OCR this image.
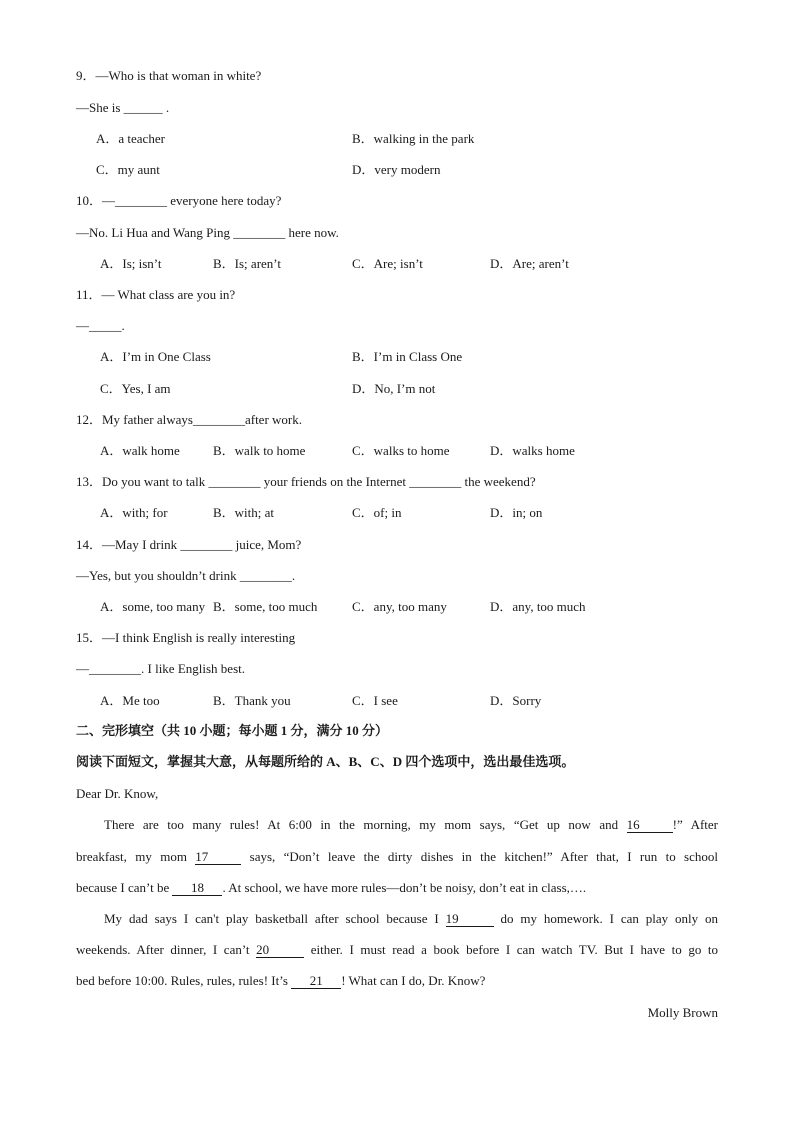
9．—Who is that woman in white?
—She is ______ .
A．a teacher	B．walking in the park
C．my aunt	D．very modern
10．—________ everyone here today?
—No. Li Hua and Wang Ping ________ here now.
A．Is; isn’t	B．Is; aren’t	C．Are; isn’t	D．Are; aren’t
11．— What class are you in?
—_____.
A．I’m in One Class	B．I’m in Class One
C．Yes, I am	D．No, I’m not
12．My father always________after work.
A．walk home	B．walk to home	C．walks to home	D．walks home
13．Do you want to talk ________ your friends on the Internet ________ the weekend?
A．with; for	B．with; at	C．of; in	D．in; on
14．—May I drink ________ juice, Mom?
—Yes, but you shouldn’t drink ________.
A．some, too many B．some, too much	C．any, too many	D．any, too much
15．—I think English is really interesting
—________. I like English best.
A．Me too	B．Thank you	C．I see	D．Sorry
二、完形填空（共 10 小题；每小题 1 分，满分 10 分）
阅读下面短文，掌握其大意，从每题所给的 A、B、C、D 四个选项中，选出最佳选项。
Dear Dr. Know,
There are too many rules! At 6:00 in the morning, my mom says, “Get up now and 16	!” After
breakfast, my mom 17	says, “Don’t leave the dirty dishes in the kitchen!” After that, I run to school
because I can’t be 18 . At school, we have more rules—don’t be noisy, don’t eat in class,….
My dad says I can't play basketball after school because I 19	do my homework. I can play only on
weekends. After dinner, I can’t 20	either. I must read a book before I can watch TV. But I have to go to
bed before 10:00. Rules, rules, rules! It’s 21 ! What can I do, Dr. Know?
Molly Brown
